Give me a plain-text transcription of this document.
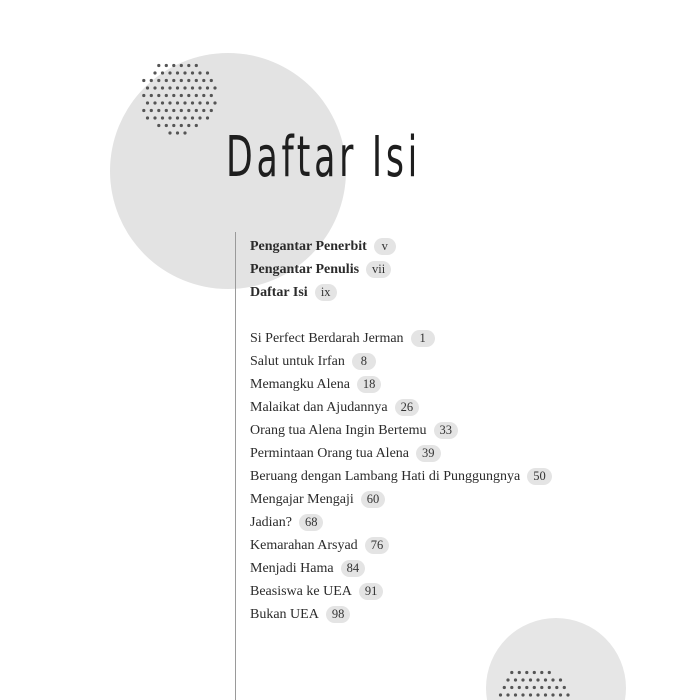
Daftar Isi
Pengantar Penerbit	v
Pengantar Penulis	vii
Daftar Isi	ix
Si Perfect Berdarah Jerman	1
Salut untuk Irfan	8
Memangku Alena	18
Malaikat dan Ajudannya	26
Orang tua Alena Ingin Bertemu	33
Permintaan Orang tua Alena	39
Beruang dengan Lambang Hati di Punggungnya	50
Mengajar Mengaji	60
Jadian?	68
Kemarahan Arsyad	76
Menjadi Hama	84
Beasiswa ke UEA	91
Bukan UEA	98
